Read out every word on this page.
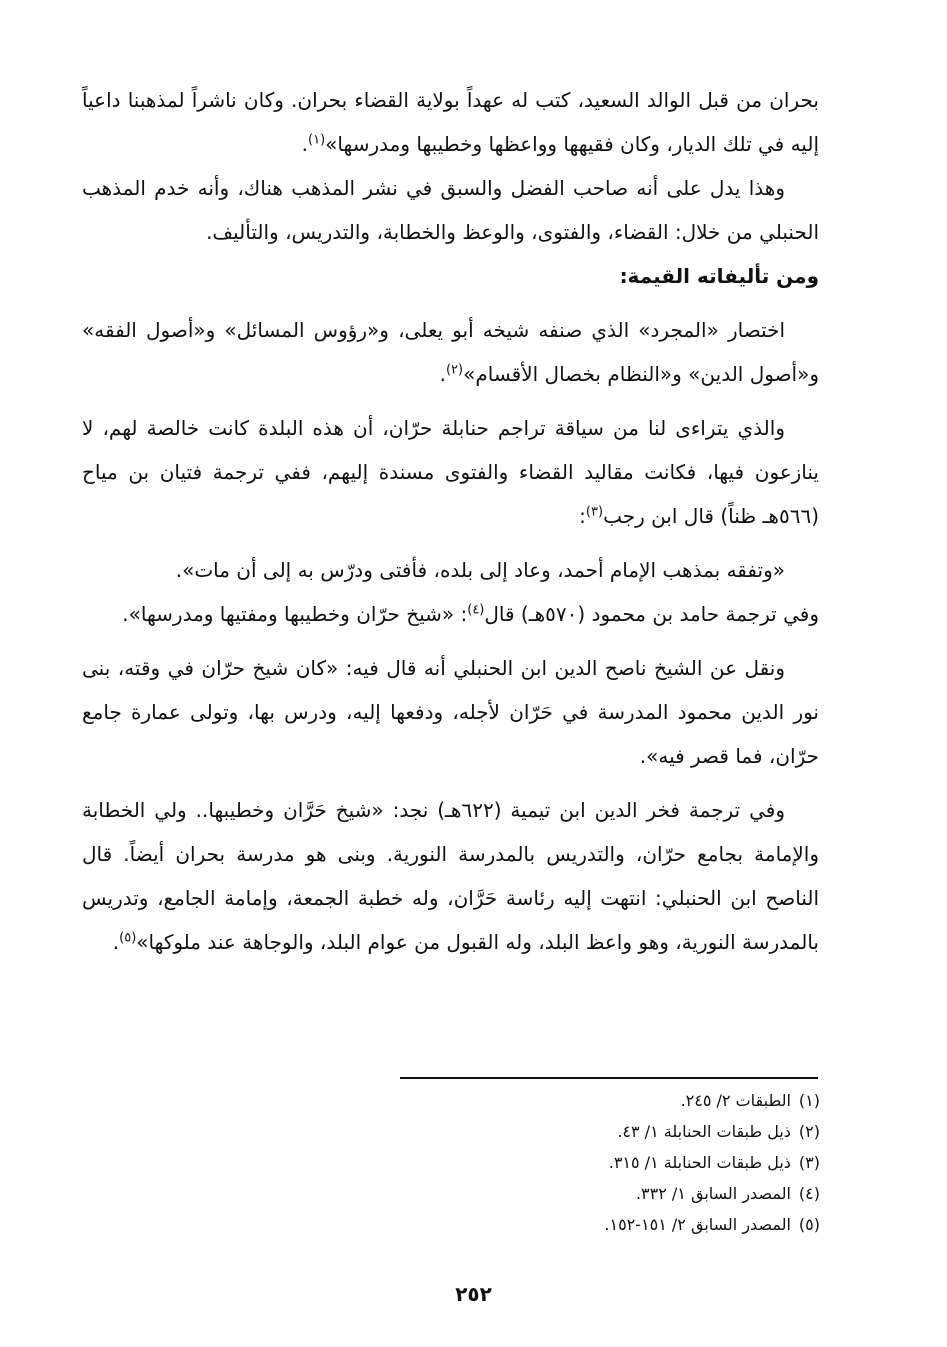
بحران من قبل الوالد السعيد، كتب له عهداً بولاية القضاء بحران. وكان ناشراً لمذهبنا داعياً إليه في تلك الديار، وكان فقيهها وواعظها وخطيبها ومدرسها»$^{(١)}$.

وهذا يدل على أنه صاحب الفضل والسبق في نشر المذهب هناك، وأنه خدم المذهب الحنبلي من خلال: القضاء، والفتوى، والوعظ والخطابة، والتدريس، والتأليف.

ومن تأليفاته القيمة:

اختصار «المجرد» الذي صنفه شيخه أبو يعلى، و«رؤوس المسائل» و«أصول الفقه» و«أصول الدين» و«النظام بخصال الأقسام»$^{(٢)}$.

والذي يتراءى لنا من سياقة تراجم حنابلة حرّان، أن هذه البلدة كانت خالصة لهم، لا ينازعون فيها، فكانت مقاليد القضاء والفتوى مسندة إليهم، ففي ترجمة فتيان بن مياح (٥٦٦هـ ظناً) قال ابن رجب$^{(٣)}$:

«وتفقه بمذهب الإمام أحمد، وعاد إلى بلده، فأفتى ودرّس به إلى أن مات».

وفي ترجمة حامد بن محمود (٥٧٠هـ) قال$^{(٤)}$: «شيخ حرّان وخطيبها ومفتيها ومدرسها».

ونقل عن الشيخ ناصح الدين ابن الحنبلي أنه قال فيه: «كان شيخ حرّان في وقته، بنى نور الدين محمود المدرسة في حَرّان لأجله، ودفعها إليه، ودرس بها، وتولى عمارة جامع حرّان، فما قصر فيه».

وفي ترجمة فخر الدين ابن تيمية (٦٢٢هـ) نجد: «شيخ حَرَّان وخطيبها.. ولي الخطابة والإمامة بجامع حرّان، والتدريس بالمدرسة النورية. وبنى هو مدرسة بحران أيضاً. قال الناصح ابن الحنبلي: انتهت إليه رئاسة حَرَّان، وله خطبة الجمعة، وإمامة الجامع، وتدريس بالمدرسة النورية، وهو واعظ البلد، وله القبول من عوام البلد، والوجاهة عند ملوكها»$^{(٥)}$.

(١)الطبقات ٢/ ٢٤٥.

(٢)ذيل طبقات الحنابلة ١/ ٤٣.

(٣)ذيل طبقات الحنابلة ١/ ٣١٥.

(٤)المصدر السابق ١/ ٣٣٢.

(٥)المصدر السابق ٢/ ١٥١-١٥٢.

٢٥٢
